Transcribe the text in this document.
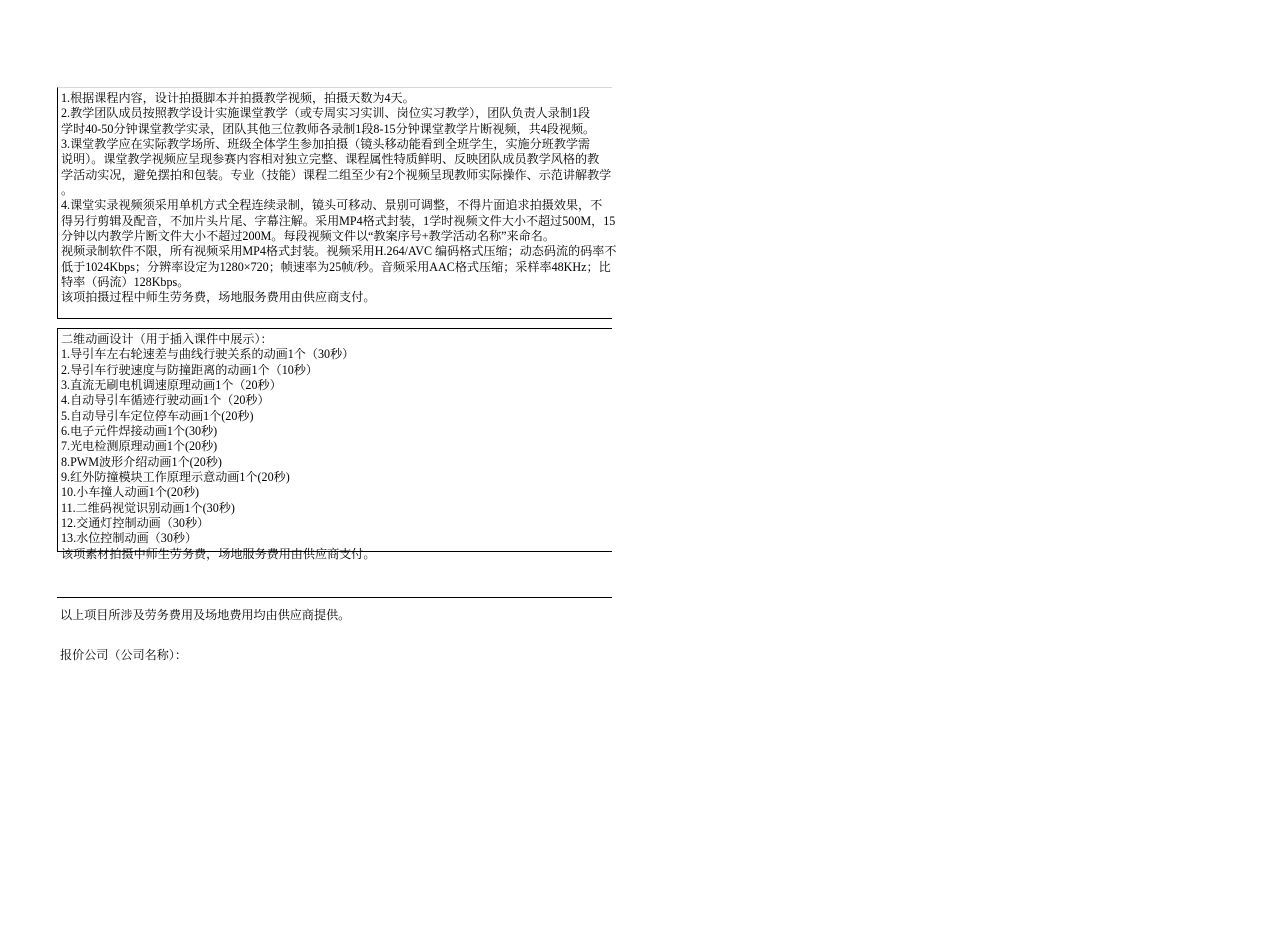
1.根据课程内容，设计拍摄脚本并拍摄教学视频，拍摄天数为4天。
2.教学团队成员按照教学设计实施课堂教学（或专周实习实训、岗位实习教学），团队负责人录制1段
学时40-50分钟课堂教学实录，团队其他三位教师各录制1段8-15分钟课堂教学片断视频，共4段视频。
3.课堂教学应在实际教学场所、班级全体学生参加拍摄（镜头移动能看到全班学生，实施分班教学需
说明）。课堂教学视频应呈现参赛内容相对独立完整、课程属性特质鲜明、反映团队成员教学风格的教
学活动实况，避免摆拍和包装。专业（技能）课程二组至少有2个视频呈现教师实际操作、示范讲解教学
。
4.课堂实录视频须采用单机方式全程连续录制，镜头可移动、景别可调整，不得片面追求拍摄效果，不
得另行剪辑及配音，不加片头片尾、字幕注解。采用MP4格式封装，1学时视频文件大小不超过500M，15
分钟以内教学片断文件大小不超过200M。每段视频文件以“教案序号+教学活动名称”来命名。
视频录制软件不限，所有视频采用MP4格式封装。视频采用H.264/AVC 编码格式压缩；动态码流的码率不
低于1024Kbps；分辨率设定为1280×720；帧速率为25帧/秒。音频采用AAC格式压缩；采样率48KHz；比
特率（码流）128Kbps。
该项拍摄过程中师生劳务费，场地服务费用由供应商支付。
二维动画设计（用于插入课件中展示）：
1.导引车左右轮速差与曲线行驶关系的动画1个（30秒）
2.导引车行驶速度与防撞距离的动画1个（10秒）
3.直流无刷电机调速原理动画1个（20秒）
4.自动导引车循迹行驶动画1个（20秒）
5.自动导引车定位停车动画1个(20秒)
6.电子元件焊接动画1个(30秒)
7.光电检测原理动画1个(20秒)
8.PWM波形介绍动画1个(20秒)
9.红外防撞模块工作原理示意动画1个(20秒)
10.小车撞人动画1个(20秒)
11.二维码视觉识别动画1个(30秒)
12.交通灯控制动画（30秒）
13.水位控制动画（30秒）
该项素材拍摄中师生劳务费，场地服务费用由供应商支付。
以上项目所涉及劳务费用及场地费用均由供应商提供。
报价公司（公司名称）：
